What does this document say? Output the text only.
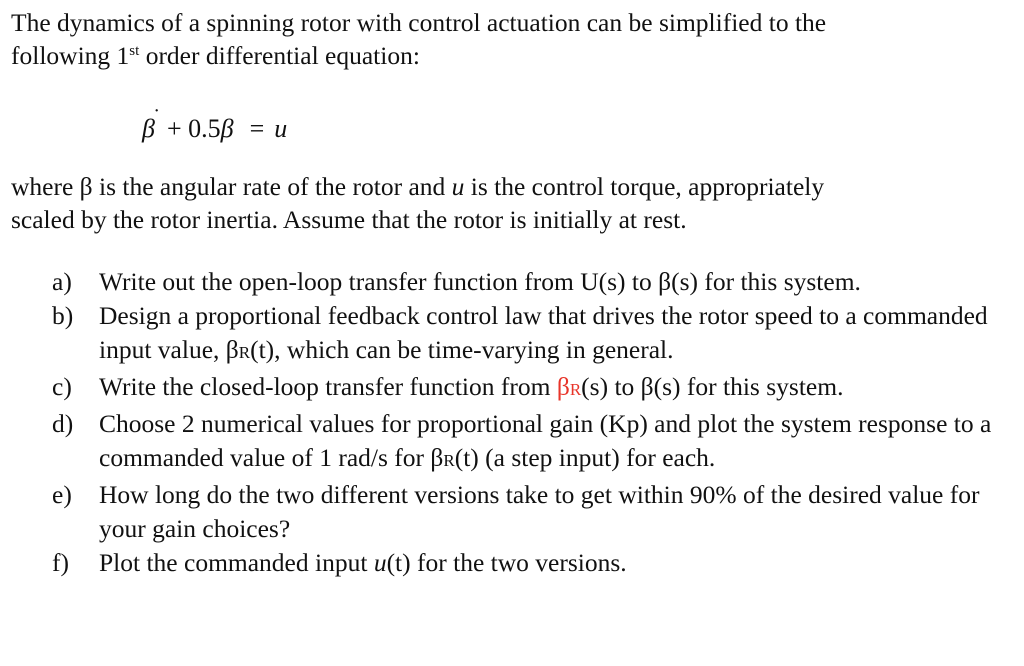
The dynamics of a spinning rotor with control actuation can be simplified to the
following 1st order differential equation:

β
˙ + 0.5β = u

where β is the angular rate of the rotor and u is the control torque, appropriately
scaled by the rotor inertia. Assume that the rotor is initially at rest.

a) Write out the open-loop transfer function from U(s) to β(s) for this system.
b) Design a proportional feedback control law that drives the rotor speed to a commanded input value, βR(t), which can be time-varying in general.
c) Write the closed-loop transfer function from βR(s) to β(s) for this system.
d) Choose 2 numerical values for proportional gain (Kp) and plot the system response to a commanded value of 1 rad/s for βR(t) (a step input) for each.
e) How long do the two different versions take to get within 90% of the desired value for your gain choices?
f) Plot the commanded input u(t) for the two versions.
